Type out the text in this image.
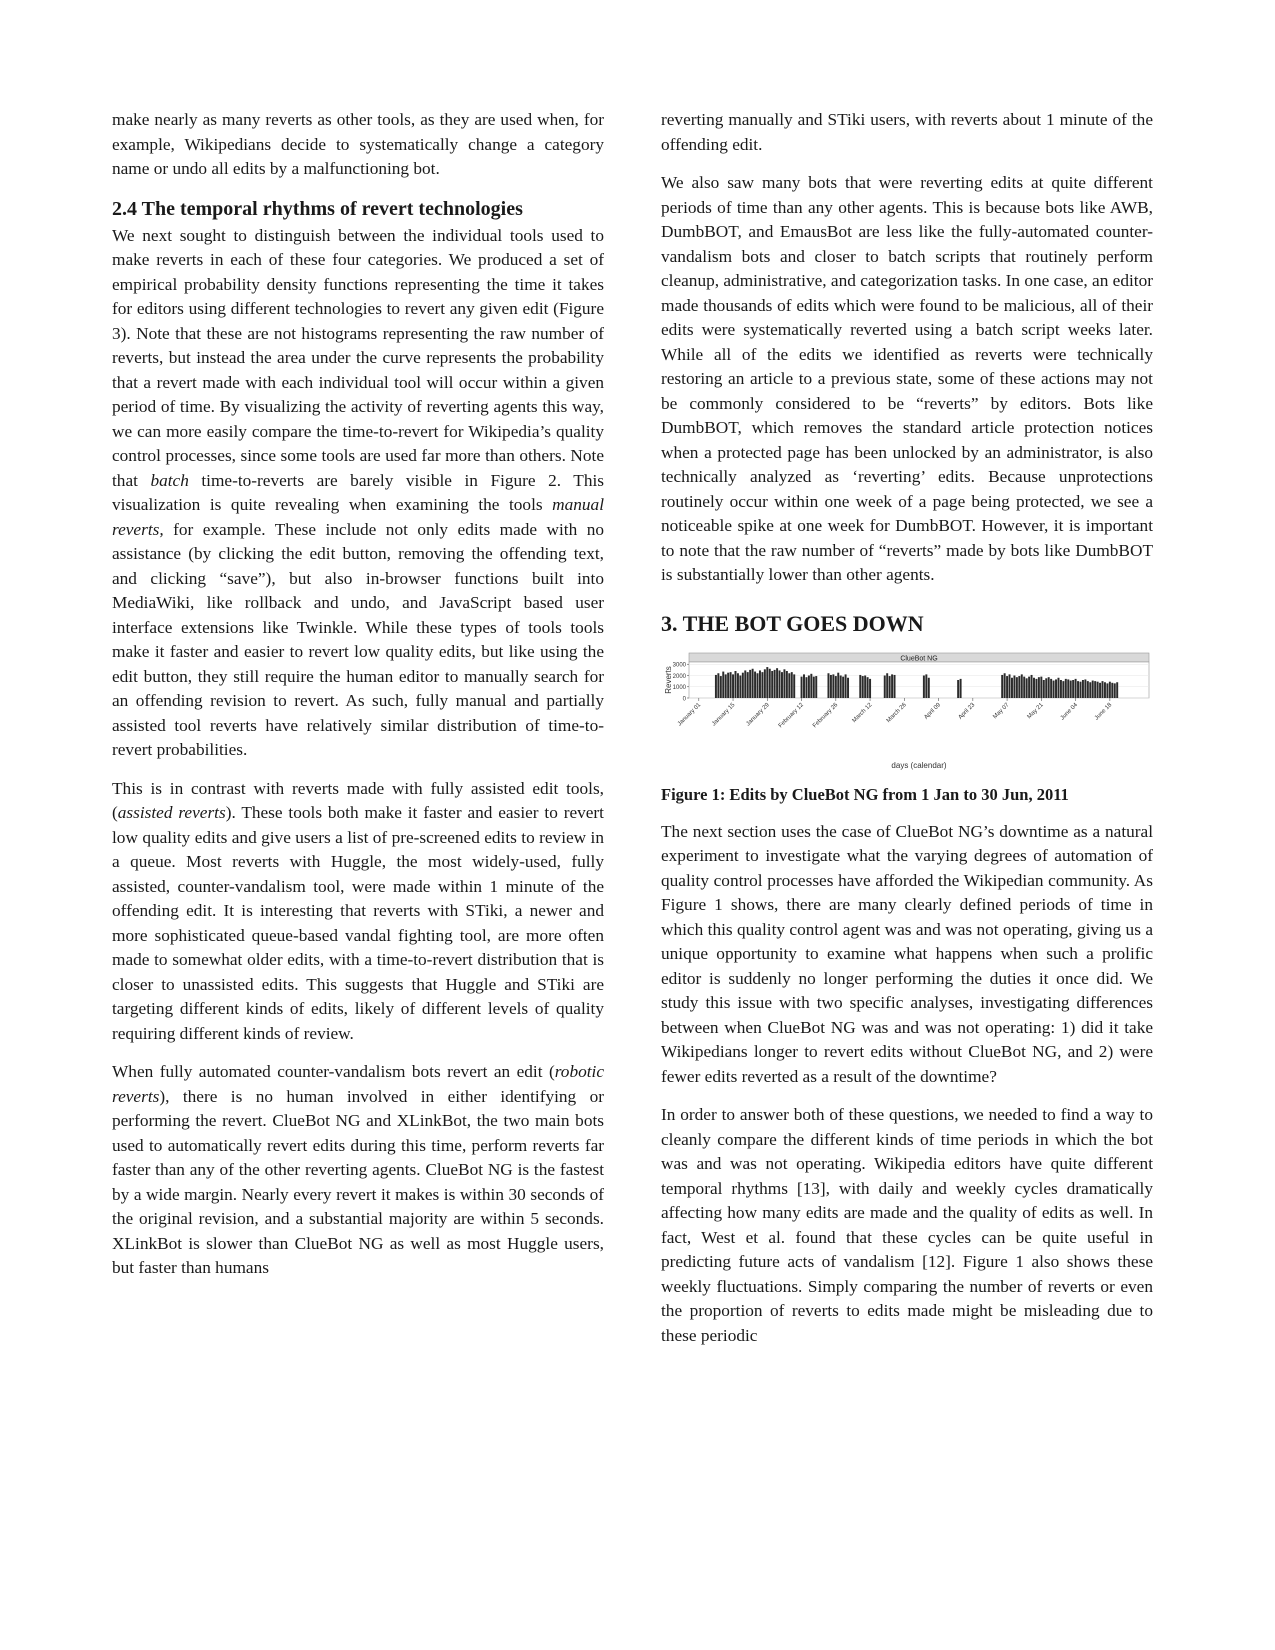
make nearly as many reverts as other tools, as they are used when, for example, Wikipedians decide to systematically change a category name or undo all edits by a malfunctioning bot.

2.4 The temporal rhythms of revert technologies

We next sought to distinguish between the individual tools used to make reverts in each of these four categories. We produced a set of empirical probability density functions representing the time it takes for editors using different technologies to revert any given edit (Figure 3). Note that these are not histograms representing the raw number of reverts, but instead the area under the curve represents the probability that a revert made with each individual tool will occur within a given period of time. By visualizing the activity of reverting agents this way, we can more easily compare the time-to-revert for Wikipedia’s quality control processes, since some tools are used far more than others. Note that batch time-to-reverts are barely visible in Figure 2. This visualization is quite revealing when examining the tools manual reverts, for example. These include not only edits made with no assistance (by clicking the edit button, removing the offending text, and clicking “save”), but also in-browser functions built into MediaWiki, like rollback and undo, and JavaScript based user interface extensions like Twinkle. While these types of tools tools make it faster and easier to revert low quality edits, but like using the edit button, they still require the human editor to manually search for an offending revision to revert. As such, fully manual and partially assisted tool reverts have relatively similar distribution of time-to-revert probabilities.

This is in contrast with reverts made with fully assisted edit tools, (assisted reverts). These tools both make it faster and easier to revert low quality edits and give users a list of pre-screened edits to review in a queue. Most reverts with Huggle, the most widely-used, fully assisted, counter-vandalism tool, were made within 1 minute of the offending edit. It is interesting that reverts with STiki, a newer and more sophisticated queue-based vandal fighting tool, are more often made to somewhat older edits, with a time-to-revert distribution that is closer to unassisted edits. This suggests that Huggle and STiki are targeting different kinds of edits, likely of different levels of quality requiring different kinds of review.

When fully automated counter-vandalism bots revert an edit (robotic reverts), there is no human involved in either identifying or performing the revert. ClueBot NG and XLinkBot, the two main bots used to automatically revert edits during this time, perform reverts far faster than any of the other reverting agents. ClueBot NG is the fastest by a wide margin. Nearly every revert it makes is within 30 seconds of the original revision, and a substantial majority are within 5 seconds. XLinkBot is slower than ClueBot NG as well as most Huggle users, but faster than humans

reverting manually and STiki users, with reverts about 1 minute of the offending edit.

We also saw many bots that were reverting edits at quite different periods of time than any other agents. This is because bots like AWB, DumbBOT, and EmausBot are less like the fully-automated counter-vandalism bots and closer to batch scripts that routinely perform cleanup, administrative, and categorization tasks. In one case, an editor made thousands of edits which were found to be malicious, all of their edits were systematically reverted using a batch script weeks later. While all of the edits we identified as reverts were technically restoring an article to a previous state, some of these actions may not be commonly considered to be “reverts” by editors. Bots like DumbBOT, which removes the standard article protection notices when a protected page has been unlocked by an administrator, is also technically analyzed as ‘reverting’ edits. Because unprotections routinely occur within one week of a page being protected, we see a noticeable spike at one week for DumbBOT. However, it is important to note that the raw number of “reverts” made by bots like DumbBOT is substantially lower than other agents.

3. THE BOT GOES DOWN
ClueBot NG
Reverts
0
1000
2000
3000
January 01 January 15 January 29 February 12 February 26 March 12 March 26	April 09	April 23	May 07	May 21 June 04 June 18
days (calendar)

Figure 1: Edits by ClueBot NG from 1 Jan to 30 Jun, 2011

The next section uses the case of ClueBot NG’s downtime as a natural experiment to investigate what the varying degrees of automation of quality control processes have afforded the Wikipedian community. As Figure 1 shows, there are many clearly defined periods of time in which this quality control agent was and was not operating, giving us a unique opportunity to examine what happens when such a prolific editor is suddenly no longer performing the duties it once did. We study this issue with two specific analyses, investigating differences between when ClueBot NG was and was not operating: 1) did it take Wikipedians longer to revert edits without ClueBot NG, and 2) were fewer edits reverted as a result of the downtime?

In order to answer both of these questions, we needed to find a way to cleanly compare the different kinds of time periods in which the bot was and was not operating. Wikipedia editors have quite different temporal rhythms [13], with daily and weekly cycles dramatically affecting how many edits are made and the quality of edits as well. In fact, West et al. found that these cycles can be quite useful in predicting future acts of vandalism [12]. Figure 1 also shows these weekly fluctuations. Simply comparing the number of reverts or even the proportion of reverts to edits made might be misleading due to these periodic
